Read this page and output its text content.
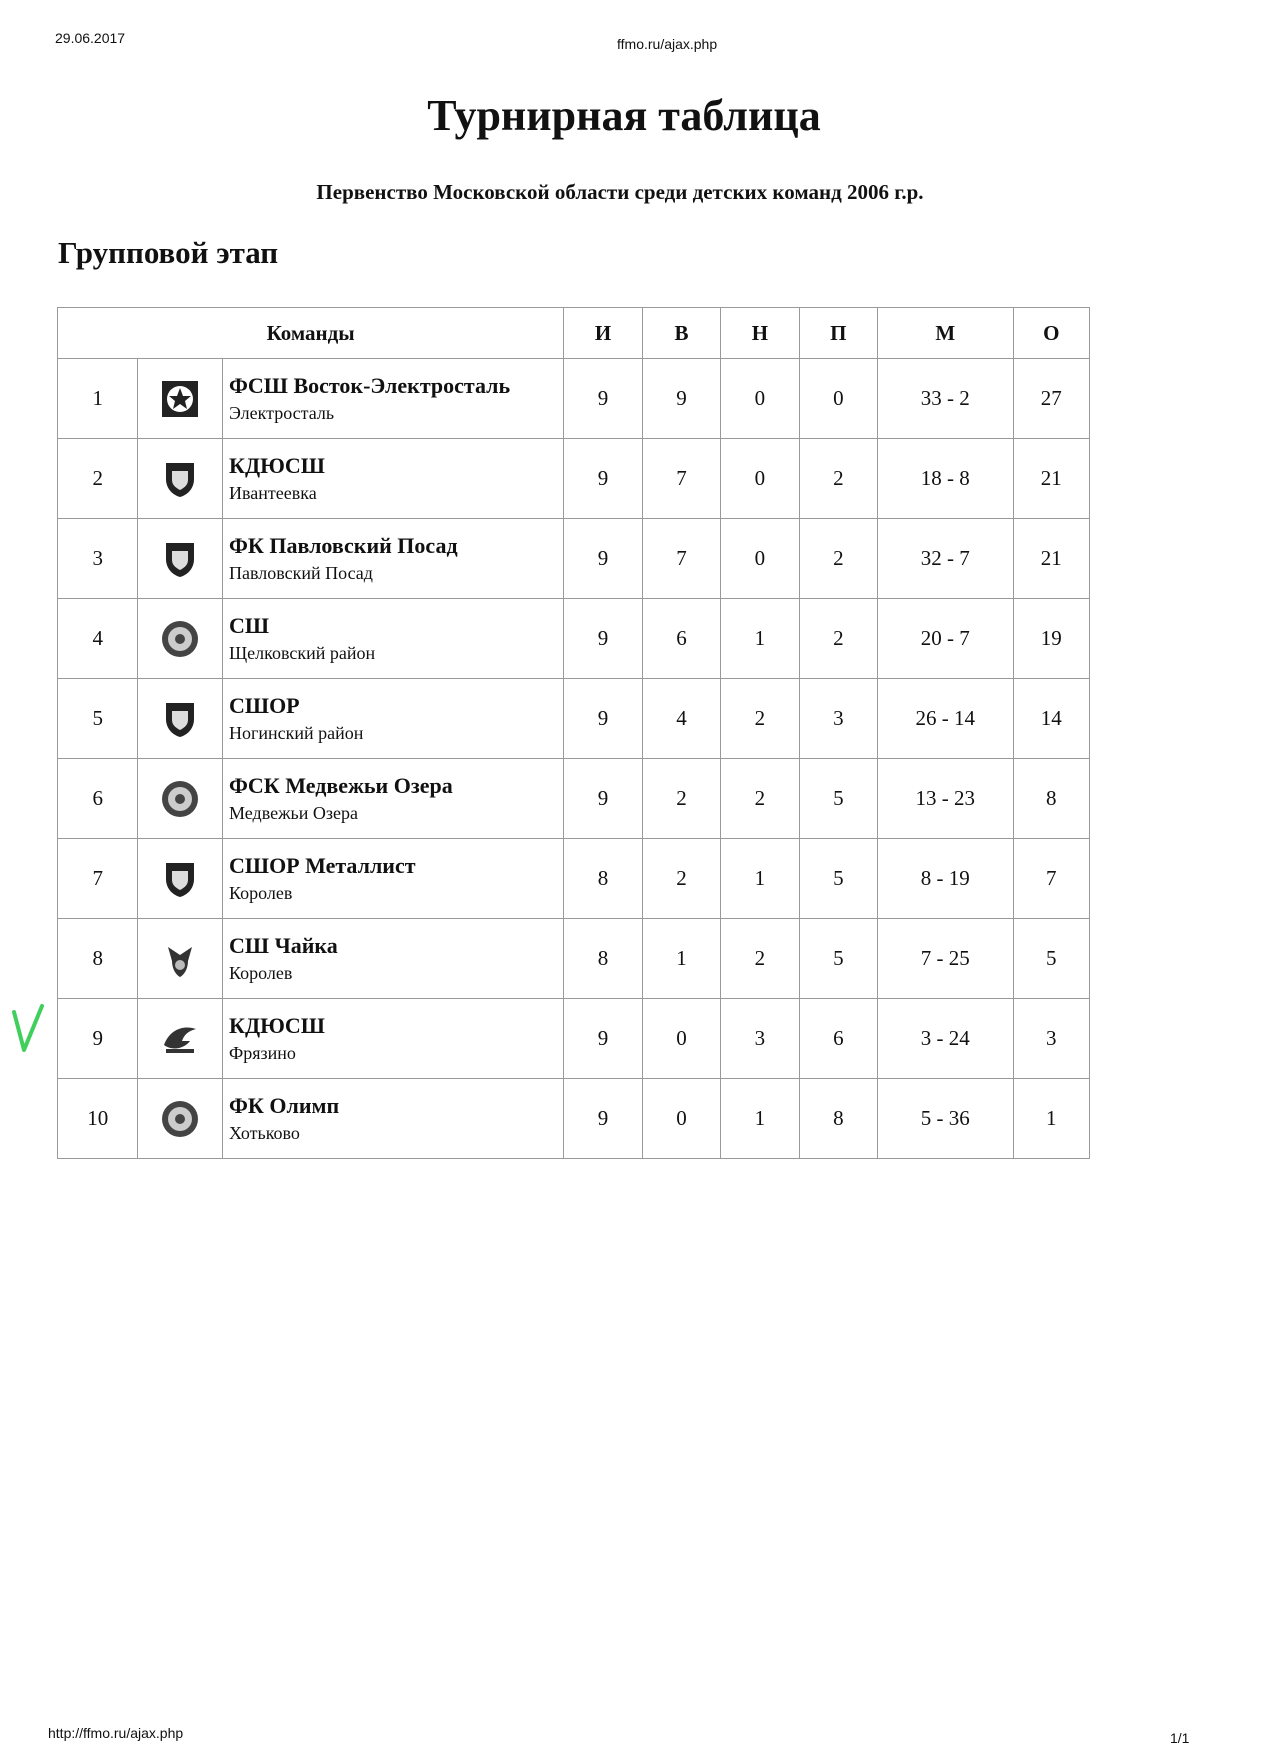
29.06.2017	ffmo.ru/ajax.php
Турнирная таблица
Первенство Московской области среди детских команд 2006 г.р.
Групповой этап
Команды			И	В	Н	П	М	О
1		ФСШ Восток-Электросталь
Электросталь	9	9	0	0	33 - 2	27
2		КДЮСШ
Ивантеевка	9	7	0	2	18 - 8	21
3		ФК Павловский Посад
Павловский Посад	9	7	0	2	32 - 7	21
4		СШ
Щелковский район	9	6	1	2	20 - 7	19
5		СШОР
Ногинский район	9	4	2	3	26 - 14	14
6		ФСК Медвежьи Озера
Медвежьи Озера	9	2	2	5	13 - 23	8
7		СШОР Металлист
Королев	8	2	1	5	8 - 19	7
8		СШ Чайка
Королев	8	1	2	5	7 - 25	5
9		КДЮСШ
Фрязино	9	0	3	6	3 - 24	3
10		ФК Олимп
Хотьково	9	0	1	8	5 - 36	1
http://ffmo.ru/ajax.php	1/1
